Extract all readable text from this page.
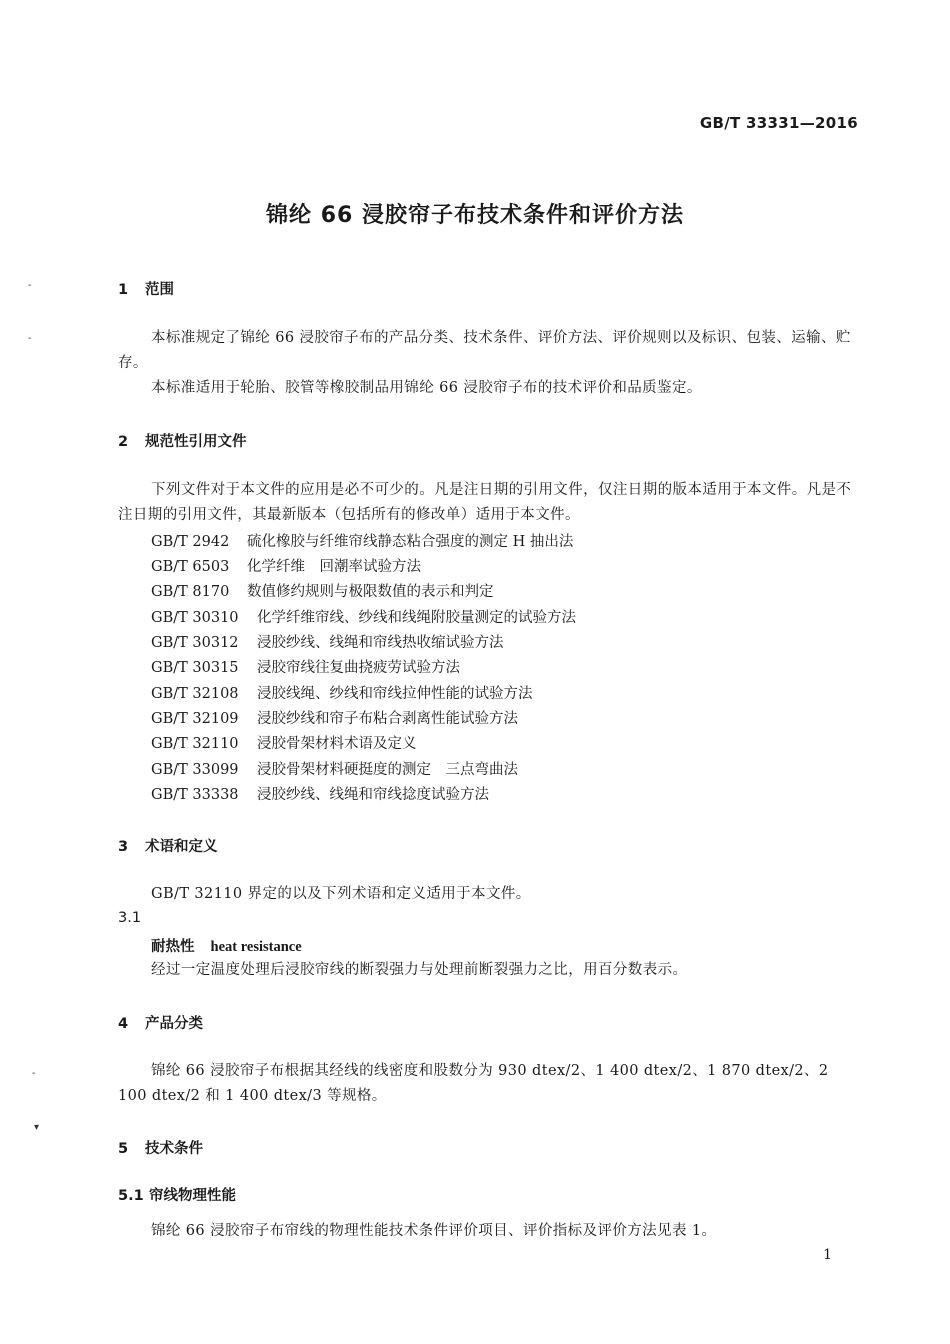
GB/T 33331—2016
锦纶 66 浸胶帘子布技术条件和评价方法
-
-
-
▾
1 范围
本标准规定了锦纶 66 浸胶帘子布的产品分类、技术条件、评价方法、评价规则以及标识、包装、运输、贮存。
本标准适用于轮胎、胶管等橡胶制品用锦纶 66 浸胶帘子布的技术评价和品质鉴定。
2 规范性引用文件
下列文件对于本文件的应用是必不可少的。凡是注日期的引用文件，仅注日期的版本适用于本文件。凡是不注日期的引用文件，其最新版本（包括所有的修改单）适用于本文件。
GB/T 2942 硫化橡胶与纤维帘线静态粘合强度的测定 H 抽出法
GB/T 6503 化学纤维　回潮率试验方法
GB/T 8170 数值修约规则与极限数值的表示和判定
GB/T 30310 化学纤维帘线、纱线和线绳附胶量测定的试验方法
GB/T 30312 浸胶纱线、线绳和帘线热收缩试验方法
GB/T 30315 浸胶帘线往复曲挠疲劳试验方法
GB/T 32108 浸胶线绳、纱线和帘线拉伸性能的试验方法
GB/T 32109 浸胶纱线和帘子布粘合剥离性能试验方法
GB/T 32110 浸胶骨架材料术语及定义
GB/T 33099 浸胶骨架材料硬挺度的测定　三点弯曲法
GB/T 33338 浸胶纱线、线绳和帘线捻度试验方法
3 术语和定义
GB/T 32110 界定的以及下列术语和定义适用于本文件。
3.1
耐热性 heat resistance
经过一定温度处理后浸胶帘线的断裂强力与处理前断裂强力之比，用百分数表示。
4 产品分类
锦纶 66 浸胶帘子布根据其经线的线密度和股数分为 930 dtex/2、1 400 dtex/2、1 870 dtex/2、2 100 dtex/2 和 1 400 dtex/3 等规格。
5 技术条件
5.1 帘线物理性能
锦纶 66 浸胶帘子布帘线的物理性能技术条件评价项目、评价指标及评价方法见表 1。
1
